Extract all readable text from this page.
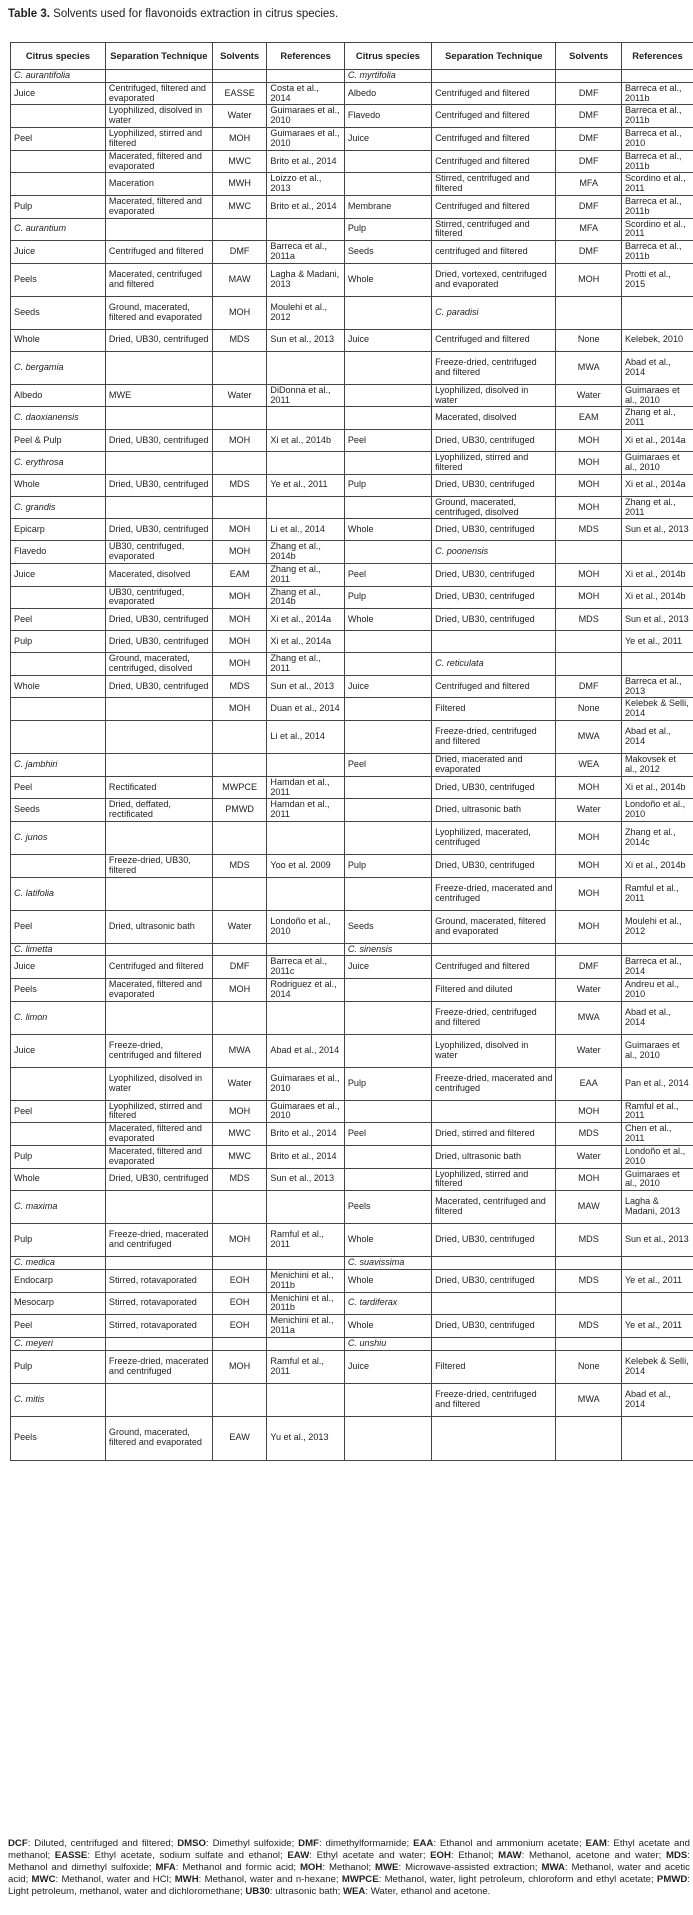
Table 3. Solvents used for flavonoids extraction in citrus species.
Citrus species	Separation Technique	Solvents	References	Citrus species	Separation Technique	Solvents	References
C. aurantifolia				C. myrtifolia			
Juice	Centrifuged, filtered and evaporated	EASSE	Costa et al., 2014	Albedo	Centrifuged and filtered	DMF	Barreca et al., 2011b
	Lyophilized, disolved in water	Water	Guimaraes et al., 2010	Flavedo	Centrifuged and filtered	DMF	Barreca et al., 2011b
Peel	Lyophilized, stirred and filtered	MOH	Guimaraes et al., 2010	Juice	Centrifuged and filtered	DMF	Barreca et al., 2010
	Macerated, filtered and evaporated	MWC	Brito et al., 2014		Centrifuged and filtered	DMF	Barreca et al., 2011b
	Maceration	MWH	Loizzo et al., 2013		Stirred, centrifuged and filtered	MFA	Scordino et al., 2011
Pulp	Macerated, filtered and evaporated	MWC	Brito et al., 2014	Membrane	Centrifuged and filtered	DMF	Barreca et al., 2011b
C. aurantium				Pulp	Stirred, centrifuged and filtered	MFA	Scordino et al., 2011
Juice	Centrifuged and filtered	DMF	Barreca et al., 2011a	Seeds	centrifuged and filtered	DMF	Barreca et al., 2011b
Peels	Macerated, centrifuged and filtered	MAW	Lagha & Madani, 2013	Whole	Dried, vortexed, centrifuged and evaporated	MOH	Protti et al., 2015
Seeds	Ground, macerated, filtered and evaporated	MOH	Moulehi et al., 2012		C. paradisi		
Whole	Dried, UB30, centrifuged	MDS	Sun et al., 2013	Juice	Centrifuged and filtered	None	Kelebek, 2010
C. bergamia					Freeze-dried, centrifuged and filtered	MWA	Abad et al., 2014
Albedo	MWE	Water	DiDonna et al., 2011		Lyophilized, disolved in water	Water	Guimaraes et al., 2010
C. daoxianensis					Macerated, disolved	EAM	Zhang et al., 2011
Peel & Pulp	Dried, UB30, centrifuged	MOH	Xi et al., 2014b	Peel	Dried, UB30, centrifuged	MOH	Xi et al., 2014a
C. erythrosa					Lyophilized, stirred and filtered	MOH	Guimaraes et al., 2010
Whole	Dried, UB30, centrifuged	MDS	Ye et al., 2011	Pulp	Dried, UB30, centrifuged	MOH	Xi et al., 2014a
C. grandis					Ground, macerated, centrifuged, disolved	MOH	Zhang et al., 2011
Epicarp	Dried, UB30, centrifuged	MOH	Li et al., 2014	Whole	Dried, UB30, centrifuged	MDS	Sun et al., 2013
Flavedo	UB30, centrifuged, evaporated	MOH	Zhang et al., 2014b		C. poonensis		
Juice	Macerated, disolved	EAM	Zhang et al., 2011	Peel	Dried, UB30, centrifuged	MOH	Xi et al., 2014b
	UB30, centrifuged, evaporated	MOH	Zhang et al., 2014b	Pulp	Dried, UB30, centrifuged	MOH	Xi et al., 2014b
Peel	Dried, UB30, centrifuged	MOH	Xi et al., 2014a	Whole	Dried, UB30, centrifuged	MDS	Sun et al., 2013
Pulp	Dried, UB30, centrifuged	MOH	Xi et al., 2014a				Ye et al., 2011
	Ground, macerated, centrifuged, disolved	MOH	Zhang et al., 2011		C. reticulata		
Whole	Dried, UB30, centrifuged	MDS	Sun et al., 2013	Juice	Centrifuged and filtered	DMF	Barreca et al., 2013
		MOH	Duan et al., 2014		Filtered	None	Kelebek & Selli, 2014
			Li et al., 2014		Freeze-dried, centrifuged and filtered	MWA	Abad et al., 2014
C. jambhiri				Peel	Dried, macerated and evaporated	WEA	Makovsek et al., 2012
Peel	Rectificated	MWPCE	Hamdan et al., 2011		Dried, UB30, centrifuged	MOH	Xi et al., 2014b
Seeds	Dried, deffated, rectificated	PMWD	Hamdan et al., 2011		Dried, ultrasonic bath	Water	Londoño et al., 2010
C. junos					Lyophilized, macerated, centrifuged	MOH	Zhang et al., 2014c
	Freeze-dried, UB30, filtered	MDS	Yoo et al. 2009	Pulp	Dried, UB30, centrifuged	MOH	Xi et al., 2014b
C. latifolia					Freeze-dried, macerated and centrifuged	MOH	Ramful et al., 2011
Peel	Dried, ultrasonic bath	Water	Londoño et al., 2010	Seeds	Ground, macerated, filtered and evaporated	MOH	Moulehi et al., 2012
C. limetta				C. sinensis			
Juice	Centrifuged and filtered	DMF	Barreca et al., 2011c	Juice	Centrifuged and filtered	DMF	Barreca et al., 2014
Peels	Macerated, filtered and evaporated	MOH	Rodriguez et al., 2014		Filtered and diluted	Water	Andreu et al., 2010
C. limon					Freeze-dried, centrifuged and filtered	MWA	Abad et al., 2014
Juice	Freeze-dried, centrifuged and filtered	MWA	Abad et al., 2014		Lyophilized, disolved in water	Water	Guimaraes et al., 2010
	Lyophilized, disolved in water	Water	Guimaraes et al., 2010	Pulp	Freeze-dried, macerated and centrifuged	EAA	Pan et al., 2014
Peel	Lyophilized, stirred and filtered	MOH	Guimaraes et al., 2010			MOH	Ramful et al., 2011
	Macerated, filtered and evaporated	MWC	Brito et al., 2014	Peel	Dried, stirred and filtered	MDS	Chen et al., 2011
Pulp	Macerated, filtered and evaporated	MWC	Brito et al., 2014		Dried, ultrasonic bath	Water	Londoño et al., 2010
Whole	Dried, UB30, centrifuged	MDS	Sun et al., 2013		Lyophilized, stirred and filtered	MOH	Guimaraes et al., 2010
C. maxima				Peels	Macerated, centrifuged and filtered	MAW	Lagha & Madani, 2013
Pulp	Freeze-dried, macerated and centrifuged	MOH	Ramful et al., 2011	Whole	Dried, UB30, centrifuged	MDS	Sun et al., 2013
C. medica				C. suavissima			
Endocarp	Stirred, rotavaporated	EOH	Menichini et al., 2011b	Whole	Dried, UB30, centrifuged	MDS	Ye et al., 2011
Mesocarp	Stirred, rotavaporated	EOH	Menichini et al., 2011b	C. tardiferax			
Peel	Stirred, rotavaporated	EOH	Menichini et al., 2011a	Whole	Dried, UB30, centrifuged	MDS	Ye et al., 2011
C. meyeri				C. unshiu			
Pulp	Freeze-dried, macerated and centrifuged	MOH	Ramful et al., 2011	Juice	Filtered	None	Kelebek & Selli, 2014
C. mitis					Freeze-dried, centrifuged and filtered	MWA	Abad et al., 2014
Peels	Ground, macerated, filtered and evaporated	EAW	Yu et al., 2013				
DCF: Diluted, centrifuged and filtered; DMSO: Dimethyl sulfoxide; DMF: dimethylformamide; EAA: Ethanol and ammonium acetate; EAM: Ethyl acetate and methanol; EASSE: Ethyl acetate, sodium sulfate and ethanol; EAW: Ethyl acetate and water; EOH: Ethanol; MAW: Methanol, acetone and water; MDS: Methanol and dimethyl sulfoxide; MFA: Methanol and formic acid; MOH: Methanol; MWE: Microwave-assisted extraction; MWA: Methanol, water and acetic acid; MWC: Methanol, water and HCl; MWH: Methanol, water and n-hexane; MWPCE: Methanol, water, light petroleum, chloroform and ethyl acetate; PMWD: Light petroleum, methanol, water and dichloromethane; UB30: ultrasonic bath; WEA: Water, ethanol and acetone.
